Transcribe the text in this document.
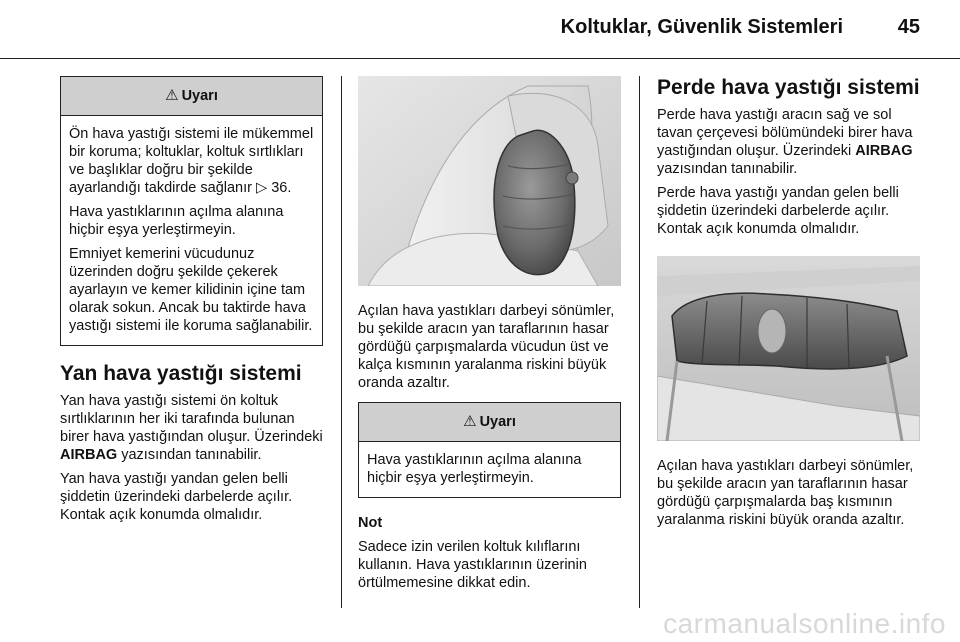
Koltuklar, Güvenlik Sistemleri	45
⚠ Uyarı

Ön hava yastığı sistemi ile mükemmel bir koruma; koltuklar, koltuk sırtlıkları ve başlıklar doğru bir şekilde ayarlandığı takdirde sağlanır ▷ 36.

Hava yastıklarının açılma alanına hiçbir eşya yerleştirmeyin.

Emniyet kemerini vücudunuz üzerinden doğru şekilde çekerek ayarlayın ve kemer kilidinin içine tam olarak sokun. Ancak bu taktirde hava yastığı sistemi ile koruma sağlanabilir.

Yan hava yastığı sistemi

Yan hava yastığı sistemi ön koltuk sırtlıklarının her iki tarafında bulunan birer hava yastığından oluşur. Üzerindeki AIRBAG yazısından tanınabilir.

Yan hava yastığı yandan gelen belli şiddetin üzerindeki darbelerde açılır. Kontak açık konumda olmalıdır.

Açılan hava yastıkları darbeyi sönümler, bu şekilde aracın yan taraflarının hasar gördüğü çarpışmalarda vücudun üst ve kalça kısmının yaralanma riskini büyük oranda azaltır.

⚠ Uyarı

Hava yastıklarının açılma alanına hiçbir eşya yerleştirmeyin.

Not

Sadece izin verilen koltuk kılıflarını kullanın. Hava yastıklarının üzerinin örtülmemesine dikkat edin.

Perde hava yastığı sistemi

Perde hava yastığı aracın sağ ve sol tavan çerçevesi bölümündeki birer hava yastığından oluşur. Üzerindeki AIRBAG yazısından tanınabilir.

Perde hava yastığı yandan gelen belli şiddetin üzerindeki darbelerde açılır. Kontak açık konumda olmalıdır.

Açılan hava yastıkları darbeyi sönümler, bu şekilde aracın yan taraflarının hasar gördüğü çarpışmalarda baş kısmının yaralanma riskini büyük oranda azaltır.

carmanualsonline.info
